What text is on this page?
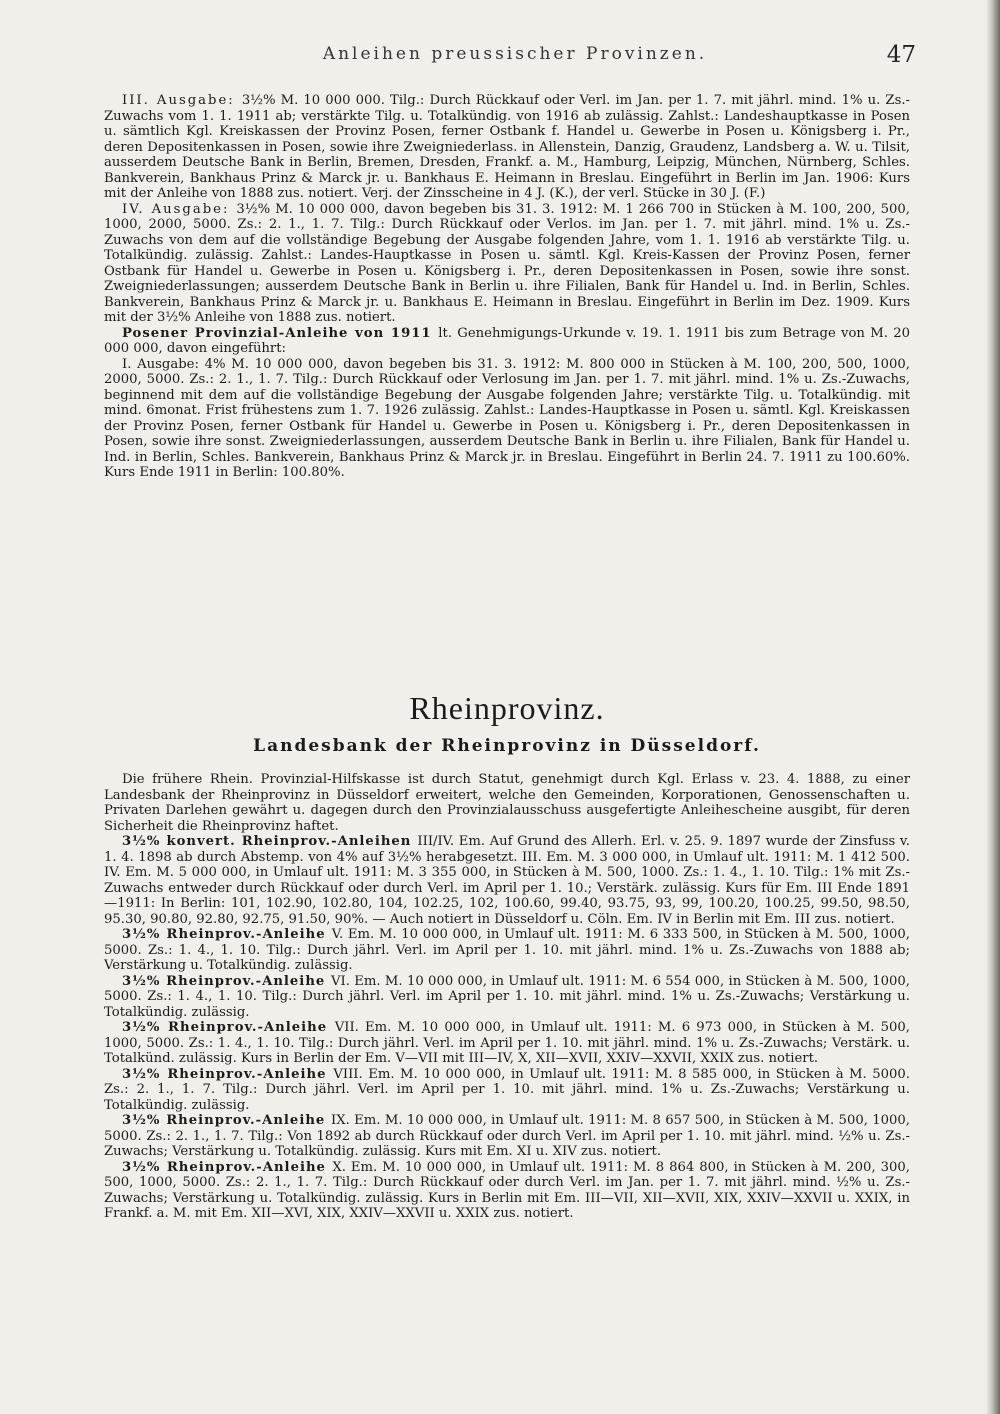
Anleihen preussischer Provinzen.	47

III. Ausgabe: 3½% M. 10 000 000. Tilg.: Durch Rückkauf oder Verl. im Jan. per 1. 7. mit jährl. mind. 1% u. Zs.-Zuwachs vom 1. 1. 1911 ab; verstärkte Tilg. u. Totalkündig. von 1916 ab zulässig. Zahlst.: Landeshauptkasse in Posen u. sämtlich Kgl. Kreiskassen der Provinz Posen, ferner Ostbank f. Handel u. Gewerbe in Posen u. Königsberg i. Pr., deren Depositenkassen in Posen, sowie ihre Zweigniederlass. in Allenstein, Danzig, Graudenz, Landsberg a. W. u. Tilsit, ausserdem Deutsche Bank in Berlin, Bremen, Dresden, Frankf. a. M., Hamburg, Leipzig, München, Nürnberg, Schles. Bankverein, Bankhaus Prinz & Marck jr. u. Bankhaus E. Heimann in Breslau. Eingeführt in Berlin im Jan. 1906: Kurs mit der Anleihe von 1888 zus. notiert. Verj. der Zinsscheine in 4 J. (K.), der verl. Stücke in 30 J. (F.)

IV. Ausgabe: 3½% M. 10 000 000, davon begeben bis 31. 3. 1912: M. 1 266 700 in Stücken à M. 100, 200, 500, 1000, 2000, 5000. Zs.: 2. 1., 1. 7. Tilg.: Durch Rückkauf oder Verlos. im Jan. per 1. 7. mit jährl. mind. 1% u. Zs.-Zuwachs von dem auf die vollständige Begebung der Ausgabe folgenden Jahre, vom 1. 1. 1916 ab verstärkte Tilg. u. Totalkündig. zulässig. Zahlst.: Landes-Hauptkasse in Posen u. sämtl. Kgl. Kreis-Kassen der Provinz Posen, ferner Ostbank für Handel u. Gewerbe in Posen u. Königsberg i. Pr., deren Depositenkassen in Posen, sowie ihre sonst. Zweigniederlassungen; ausserdem Deutsche Bank in Berlin u. ihre Filialen, Bank für Handel u. Ind. in Berlin, Schles. Bankverein, Bankhaus Prinz & Marck jr. u. Bankhaus E. Heimann in Breslau. Eingeführt in Berlin im Dez. 1909. Kurs mit der 3½% Anleihe von 1888 zus. notiert.

Posener Provinzial-Anleihe von 1911 lt. Genehmigungs-Urkunde v. 19. 1. 1911 bis zum Betrage von M. 20 000 000, davon eingeführt:

I. Ausgabe: 4% M. 10 000 000, davon begeben bis 31. 3. 1912: M. 800 000 in Stücken à M. 100, 200, 500, 1000, 2000, 5000. Zs.: 2. 1., 1. 7. Tilg.: Durch Rückkauf oder Verlosung im Jan. per 1. 7. mit jährl. mind. 1% u. Zs.-Zuwachs, beginnend mit dem auf die vollständige Begebung der Ausgabe folgenden Jahre; verstärkte Tilg. u. Totalkündig. mit mind. 6monat. Frist frühestens zum 1. 7. 1926 zulässig. Zahlst.: Landes-Hauptkasse in Posen u. sämtl. Kgl. Kreiskassen der Provinz Posen, ferner Ostbank für Handel u. Gewerbe in Posen u. Königsberg i. Pr., deren Depositenkassen in Posen, sowie ihre sonst. Zweigniederlassungen, ausserdem Deutsche Bank in Berlin u. ihre Filialen, Bank für Handel u. Ind. in Berlin, Schles. Bankverein, Bankhaus Prinz & Marck jr. in Breslau. Eingeführt in Berlin 24. 7. 1911 zu 100.60%. Kurs Ende 1911 in Berlin: 100.80%.

Rheinprovinz.
Landesbank der Rheinprovinz in Düsseldorf.

Die frühere Rhein. Provinzial-Hilfskasse ist durch Statut, genehmigt durch Kgl. Erlass v. 23. 4. 1888, zu einer Landesbank der Rheinprovinz in Düsseldorf erweitert, welche den Gemeinden, Korporationen, Genossenschaften u. Privaten Darlehen gewährt u. dagegen durch den Provinzialausschuss ausgefertigte Anleihescheine ausgibt, für deren Sicherheit die Rheinprovinz haftet.

3½% konvert. Rheinprov.-Anleihen III/IV. Em. Auf Grund des Allerh. Erl. v. 25. 9. 1897 wurde der Zinsfuss v. 1. 4. 1898 ab durch Abstemp. von 4% auf 3½% herabgesetzt. III. Em. M. 3 000 000, in Umlauf ult. 1911: M. 1 412 500. IV. Em. M. 5 000 000, in Umlauf ult. 1911: M. 3 355 000, in Stücken à M. 500, 1000. Zs.: 1. 4., 1. 10. Tilg.: 1% mit Zs.-Zuwachs entweder durch Rückkauf oder durch Verl. im April per 1. 10.; Verstärk. zulässig. Kurs für Em. III Ende 1891—1911: In Berlin: 101, 102.90, 102.80, 104, 102.25, 102, 100.60, 99.40, 93.75, 93, 99, 100.20, 100.25, 99.50, 98.50, 95.30, 90.80, 92.80, 92.75, 91.50, 90%. — Auch notiert in Düsseldorf u. Cöln. Em. IV in Berlin mit Em. III zus. notiert.

3½% Rheinprov.-Anleihe V. Em. M. 10 000 000, in Umlauf ult. 1911: M. 6 333 500, in Stücken à M. 500, 1000, 5000. Zs.: 1. 4., 1. 10. Tilg.: Durch jährl. Verl. im April per 1. 10. mit jährl. mind. 1% u. Zs.-Zuwachs von 1888 ab; Verstärkung u. Totalkündig. zulässig.

3½% Rheinprov.-Anleihe VI. Em. M. 10 000 000, in Umlauf ult. 1911: M. 6 554 000, in Stücken à M. 500, 1000, 5000. Zs.: 1. 4., 1. 10. Tilg.: Durch jährl. Verl. im April per 1. 10. mit jährl. mind. 1% u. Zs.-Zuwachs; Verstärkung u. Totalkündig. zulässig.

3½% Rheinprov.-Anleihe VII. Em. M. 10 000 000, in Umlauf ult. 1911: M. 6 973 000, in Stücken à M. 500, 1000, 5000. Zs.: 1. 4., 1. 10. Tilg.: Durch jährl. Verl. im April per 1. 10. mit jährl. mind. 1% u. Zs.-Zuwachs; Verstärk. u. Totalkünd. zulässig. Kurs in Berlin der Em. V—VII mit III—IV, X, XII—XVII, XXIV—XXVII, XXIX zus. notiert.

3½% Rheinprov.-Anleihe VIII. Em. M. 10 000 000, in Umlauf ult. 1911: M. 8 585 000, in Stücken à M. 5000. Zs.: 2. 1., 1. 7. Tilg.: Durch jährl. Verl. im April per 1. 10. mit jährl. mind. 1% u. Zs.-Zuwachs; Verstärkung u. Totalkündig. zulässig.

3½% Rheinprov.-Anleihe IX. Em. M. 10 000 000, in Umlauf ult. 1911: M. 8 657 500, in Stücken à M. 500, 1000, 5000. Zs.: 2. 1., 1. 7. Tilg.: Von 1892 ab durch Rückkauf oder durch Verl. im April per 1. 10. mit jährl. mind. ½% u. Zs.-Zuwachs; Verstärkung u. Totalkündig. zulässig. Kurs mit Em. XI u. XIV zus. notiert.

3½% Rheinprov.-Anleihe X. Em. M. 10 000 000, in Umlauf ult. 1911: M. 8 864 800, in Stücken à M. 200, 300, 500, 1000, 5000. Zs.: 2. 1., 1. 7. Tilg.: Durch Rückkauf oder durch Verl. im Jan. per 1. 7. mit jährl. mind. ½% u. Zs.-Zuwachs; Verstärkung u. Totalkündig. zulässig. Kurs in Berlin mit Em. III—VII, XII—XVII, XIX, XXIV—XXVII u. XXIX, in Frankf. a. M. mit Em. XII—XVI, XIX, XXIV—XXVII u. XXIX zus. notiert.
